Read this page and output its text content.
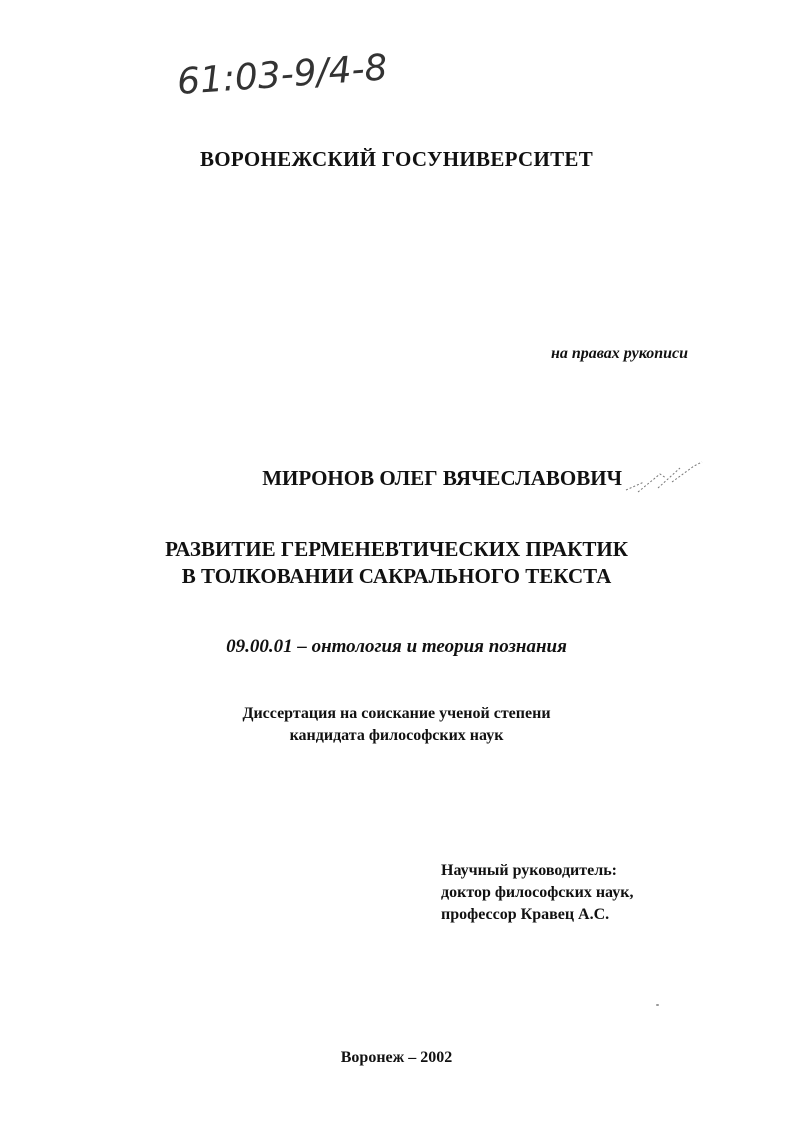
61:03-9/4-8
ВОРОНЕЖСКИЙ ГОСУНИВЕРСИТЕТ
на правах рукописи
МИРОНОВ ОЛЕГ ВЯЧЕСЛАВОВИЧ
РАЗВИТИЕ ГЕРМЕНЕВТИЧЕСКИХ ПРАКТИК
В ТОЛКОВАНИИ САКРАЛЬНОГО ТЕКСТА
09.00.01 – онтология и теория познания
Диссертация на соискание ученой степени
кандидата философских наук
Научный руководитель:
доктор философских наук,
профессор Кравец А.С.
Воронеж – 2002
